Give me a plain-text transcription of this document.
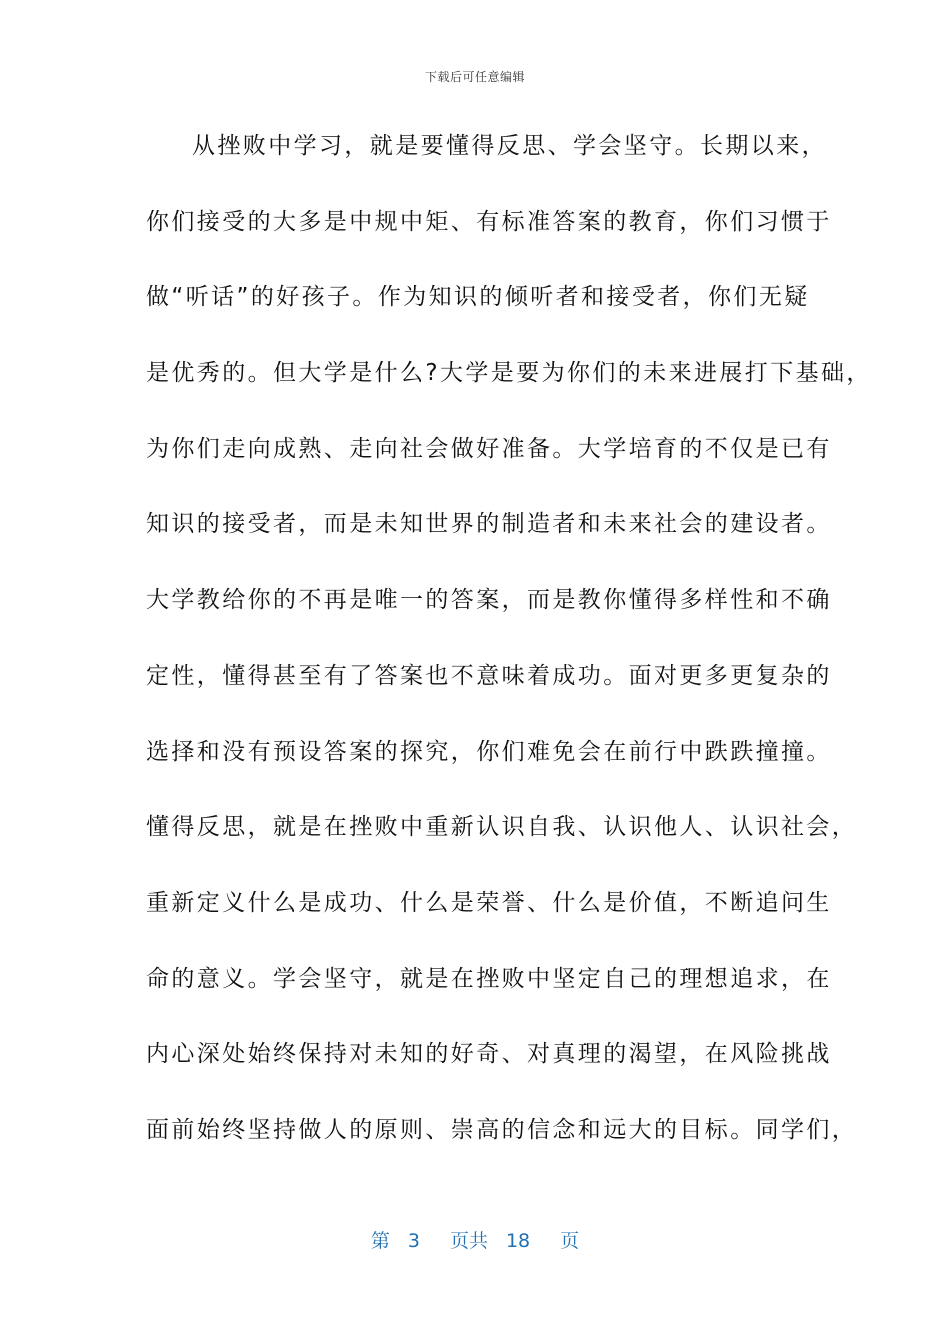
下载后可任意编辑
从挫败中学习，就是要懂得反思、学会坚守。长期以来，
你们接受的大多是中规中矩、有标准答案的教育，你们习惯于
做“听话”的好孩子。作为知识的倾听者和接受者，你们无疑
是优秀的。但大学是什么?大学是要为你们的未来进展打下基础，
为你们走向成熟、走向社会做好准备。大学培育的不仅是已有
知识的接受者，而是未知世界的制造者和未来社会的建设者。
大学教给你的不再是唯一的答案，而是教你懂得多样性和不确
定性，懂得甚至有了答案也不意味着成功。面对更多更复杂的
选择和没有预设答案的探究，你们难免会在前行中跌跌撞撞。
懂得反思，就是在挫败中重新认识自我、认识他人、认识社会，
重新定义什么是成功、什么是荣誉、什么是价值，不断追问生
命的意义。学会坚守，就是在挫败中坚定自己的理想追求，在
内心深处始终保持对未知的好奇、对真理的渴望，在风险挑战
面前始终坚持做人的原则、崇高的信念和远大的目标。同学们，
第 3 页共 18 页
